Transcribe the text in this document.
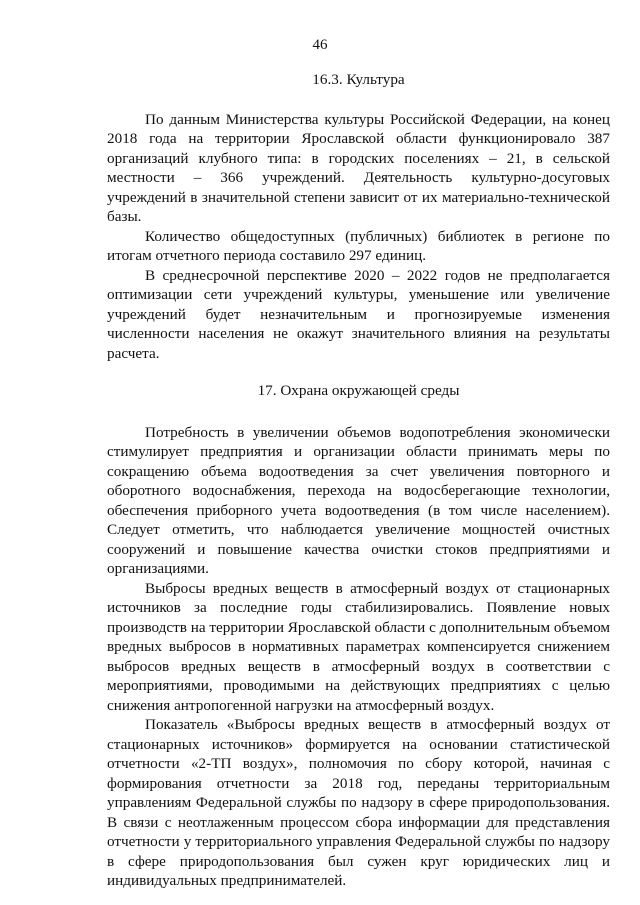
46
16.3. Культура

По данным Министерства культуры Российской Федерации, на конец 2018 года на территории Ярославской области функционировало 387 организаций клубного типа: в городских поселениях – 21, в сельской местности – 366 учреждений. Деятельность культурно-досуговых учреждений в значительной степени зависит от их материально-технической базы.

Количество общедоступных (публичных) библиотек в регионе по итогам отчетного периода составило 297 единиц.

В среднесрочной перспективе 2020 – 2022 годов не предполагается оптимизации сети учреждений культуры, уменьшение или увеличение учреждений будет незначительным и прогнозируемые изменения численности населения не окажут значительного влияния на результаты расчета.

17. Охрана окружающей среды

Потребность в увеличении объемов водопотребления экономически стимулирует предприятия и организации области принимать меры по сокращению объема водоотведения за счет увеличения повторного и оборотного водоснабжения, перехода на водосберегающие технологии, обеспечения приборного учета водоотведения (в том числе населением). Следует отметить, что наблюдается увеличение мощностей очистных сооружений и повышение качества очистки стоков предприятиями и организациями.

Выбросы вредных веществ в атмосферный воздух от стационарных источников за последние годы стабилизировались. Появление новых производств на территории Ярославской области с дополнительным объемом вредных выбросов в нормативных параметрах компенсируется снижением выбросов вредных веществ в атмосферный воздух в соответствии с мероприятиями, проводимыми на действующих предприятиях с целью снижения антропогенной нагрузки на атмосферный воздух.

Показатель «Выбросы вредных веществ в атмосферный воздух от стационарных источников» формируется на основании статистической отчетности «2-ТП воздух», полномочия по сбору которой, начиная с формирования отчетности за 2018 год, переданы территориальным управлениям Федеральной службы по надзору в сфере природопользования. В связи с неотлаженным процессом сбора информации для представления отчетности у территориального управления Федеральной службы по надзору в сфере природопользования был сужен круг юридических лиц и индивидуальных предпринимателей.
